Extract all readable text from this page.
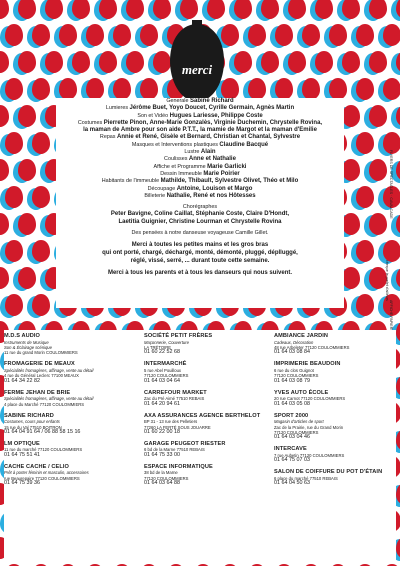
merci
FLYERS DE SPECTACLES · CAVALCADE
cheque le prefet d'ailleurs
Generale Sabine Richard
Lumieres Jérôme Buet, Yoyo Doucet, Cyrille Germain, Agnès Martin
Son et Vidéo Hugues Lariesse, Philippe Coste
Costumes Pierrette Pinon, Anne-Marie Gonzalès, Virginie Duchemin, Chrystelle Rovina,
la maman de Ambre pour son aide P.T.T., la mamie de Margot et la maman d'Emilie
Repas Annie et René, Gisèle et Bernard, Christian et Chantal, Sylvestre
Masques et Interventions plastiques Claudine Bacqué
Lustre Alain
Coulisses Anne et Nathalie
Affiche et Programme Marie Garlicki
Dessin Immeuble Marie Poirier
Habitants de l'immeuble Mathilde, Thibault, Sylvestre Olivet, Théo et Milo
Découpage Antoine, Louison et Margo
Billeterie Nathalie, René et nos Hôtesses
Chorégraphes
Peter Bavigne, Coline Caillat, Stéphanie Coste, Claire D'Hondt,
Laetitia Guignier, Christine Lourman et Chrystelle Rovina
Des pensées à notre danseuse voyageuse Camille Gillet.
Merci à toutes les petites mains et les gros bras
qui ont porté, chargé, déchargé, monté, démonté, pluggé, déplluggé,
réglé, vissé, serré, ... durant toute cette semaine.
Merci à tous les parents et à tous les danseurs qui nous suivent.
M.D.S AUDIO
Instruments de Musique
Son & Éclairage scénique
11 rue du grand Morin COULOMMIERS
FROMAGERIE DE MEAUX
Spécialités fromagères, affinage, vente au détail
4 rue du Général Leclerc 77100 MEAUX
01 64 34 22 82
FERME JEHAN DE BRIE
Spécialités fromagères, affinage, vente au détail
4 place du Marché 77120 COULOMMIERS
SABINE RICHARD
Costumes, cours pour enfants
15 rue du Val 77510 BOITRON
01 64 04 91 64 / 06 88 58 15 16
LM OPTIQUE
11 rue du marché 77120 COULOMMIERS
01 64 75 51 41
CACHE CACHE / CELIO
Prêt à porter féminin et masculin, accessoires
rue Beaurepaire 77120 COULOMMIERS
01 64 75 39 36
SOCIÉTÉ PETIT FRÈRES
Maçonnerie, Couverture
LA TRÉTOIRE
01 60 22 52 68
INTERMARCHÉ
5 rue Abel Pouilloux
77120 COULOMMIERS
01 64 03 04 64
CARREFOUR MARKET
Zac du Pré Aimé 77510 REBAIS
01 64 20 94 61
AXA ASSURANCES AGENCE BERTHELOT
BP 31 - 13 rue des Pelletiers
77260 LA FERTÉ SOUS JOUARRE
01 60 22 00 18
GARAGE PEUGEOT RIESTER
6 bd de la Marne 77510 REBAIS
01 64 75 33 00
ESPACE INFORMATIQUE
38 bd de la Marne
77120 COULOMMIERS
01 64 03 64 88
AMBIANCE JARDIN
Cadeaux, Décoration
48 rue Arbeleter 77120 COULOMMIERS
01 64 03 08 84
IMPRIMERIE BEAUDOIN
6 rue du clos Guignot
77120 COULOMMIERS
01 64 03 08 79
YVES AUTO ÉCOLE
20 rue Carnot 77120 COULOMMIERS
01 64 03 05 08
SPORT 2000
Magasin d'articles de sport
Zac de la Prairie, rue du Grand Morin
77120 COULOMMIERS
01 64 03 04 46
INTERCAVE
7 rue Aubetin 77120 COULOMMIERS
01 64 75 07 03
SALON DE COIFFURE DU POT D'ÉTAIN
6 place du marché 77510 REBAIS
01 64 04 50 63
